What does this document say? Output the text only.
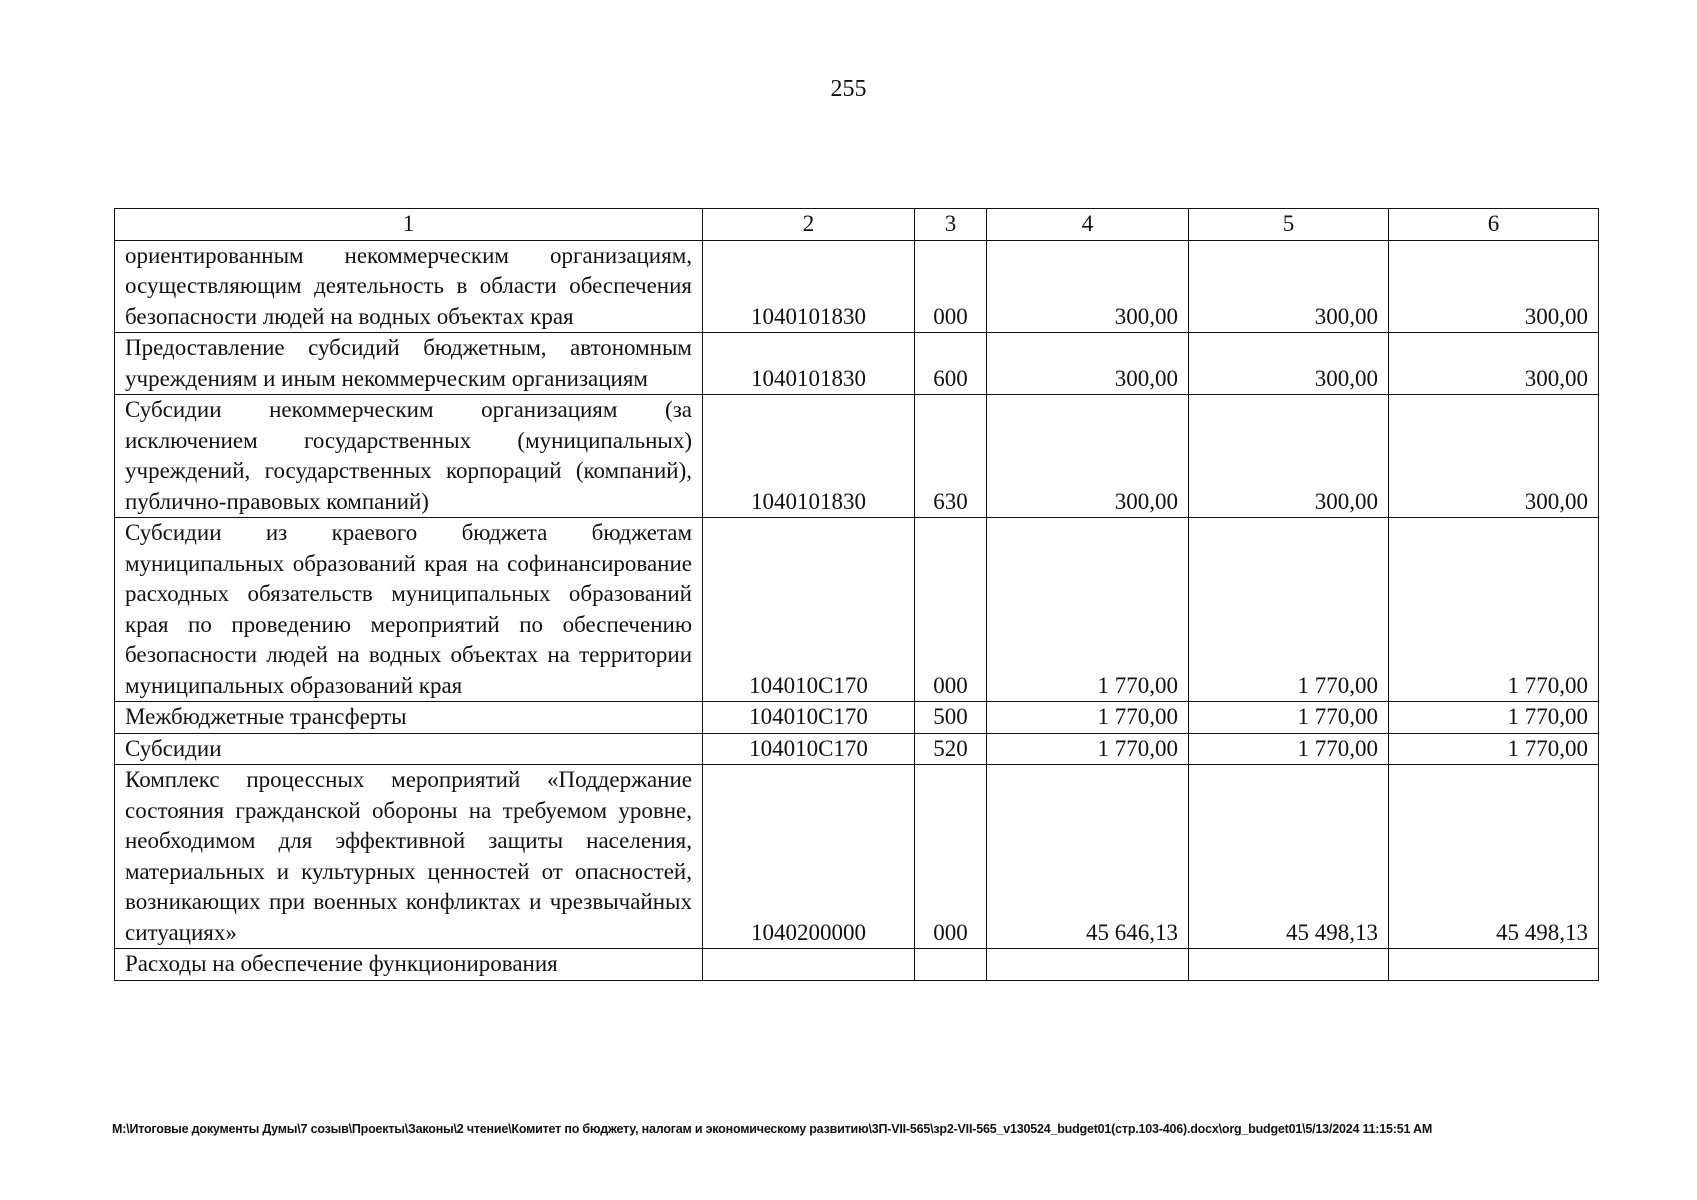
255
1	2	3	4	5	6
ориентированным некоммерческим организациям, осуществляющим деятельность в области обеспечения безопасности людей на водных объектах края	1040101830	000	300,00	300,00	300,00
Предоставление субсидий бюджетным, автономным учреждениям и иным некоммерческим организациям	1040101830	600	300,00	300,00	300,00
Субсидии некоммерческим организациям (за исключением государственных (муниципальных) учреждений, государственных корпораций (компаний), публично-правовых компаний)	1040101830	630	300,00	300,00	300,00
Субсидии из краевого бюджета бюджетам муниципальных образований края на софинансирование расходных обязательств муниципальных образований края по проведению мероприятий по обеспечению безопасности людей на водных объектах на территории муниципальных образований края	104010С170	000	1 770,00	1 770,00	1 770,00
Межбюджетные трансферты	104010С170	500	1 770,00	1 770,00	1 770,00
Субсидии	104010С170	520	1 770,00	1 770,00	1 770,00
Комплекс процессных мероприятий «Поддержание состояния гражданской обороны на требуемом уровне, необходимом для эффективной защиты населения, материальных и культурных ценностей от опасностей, возникающих при военных конфликтах и чрезвычайных ситуациях»	1040200000	000	45 646,13	45 498,13	45 498,13
Расходы на обеспечение функционирования					
M:\Итоговые документы Думы\7 созыв\Проекты\Законы\2 чтение\Комитет по бюджету, налогам и экономическому развитию\3П-VII-565\зр2-VII-565_v130524_budget01(стр.103-406).docx\org_budget01\5/13/2024 11:15:51 AM
